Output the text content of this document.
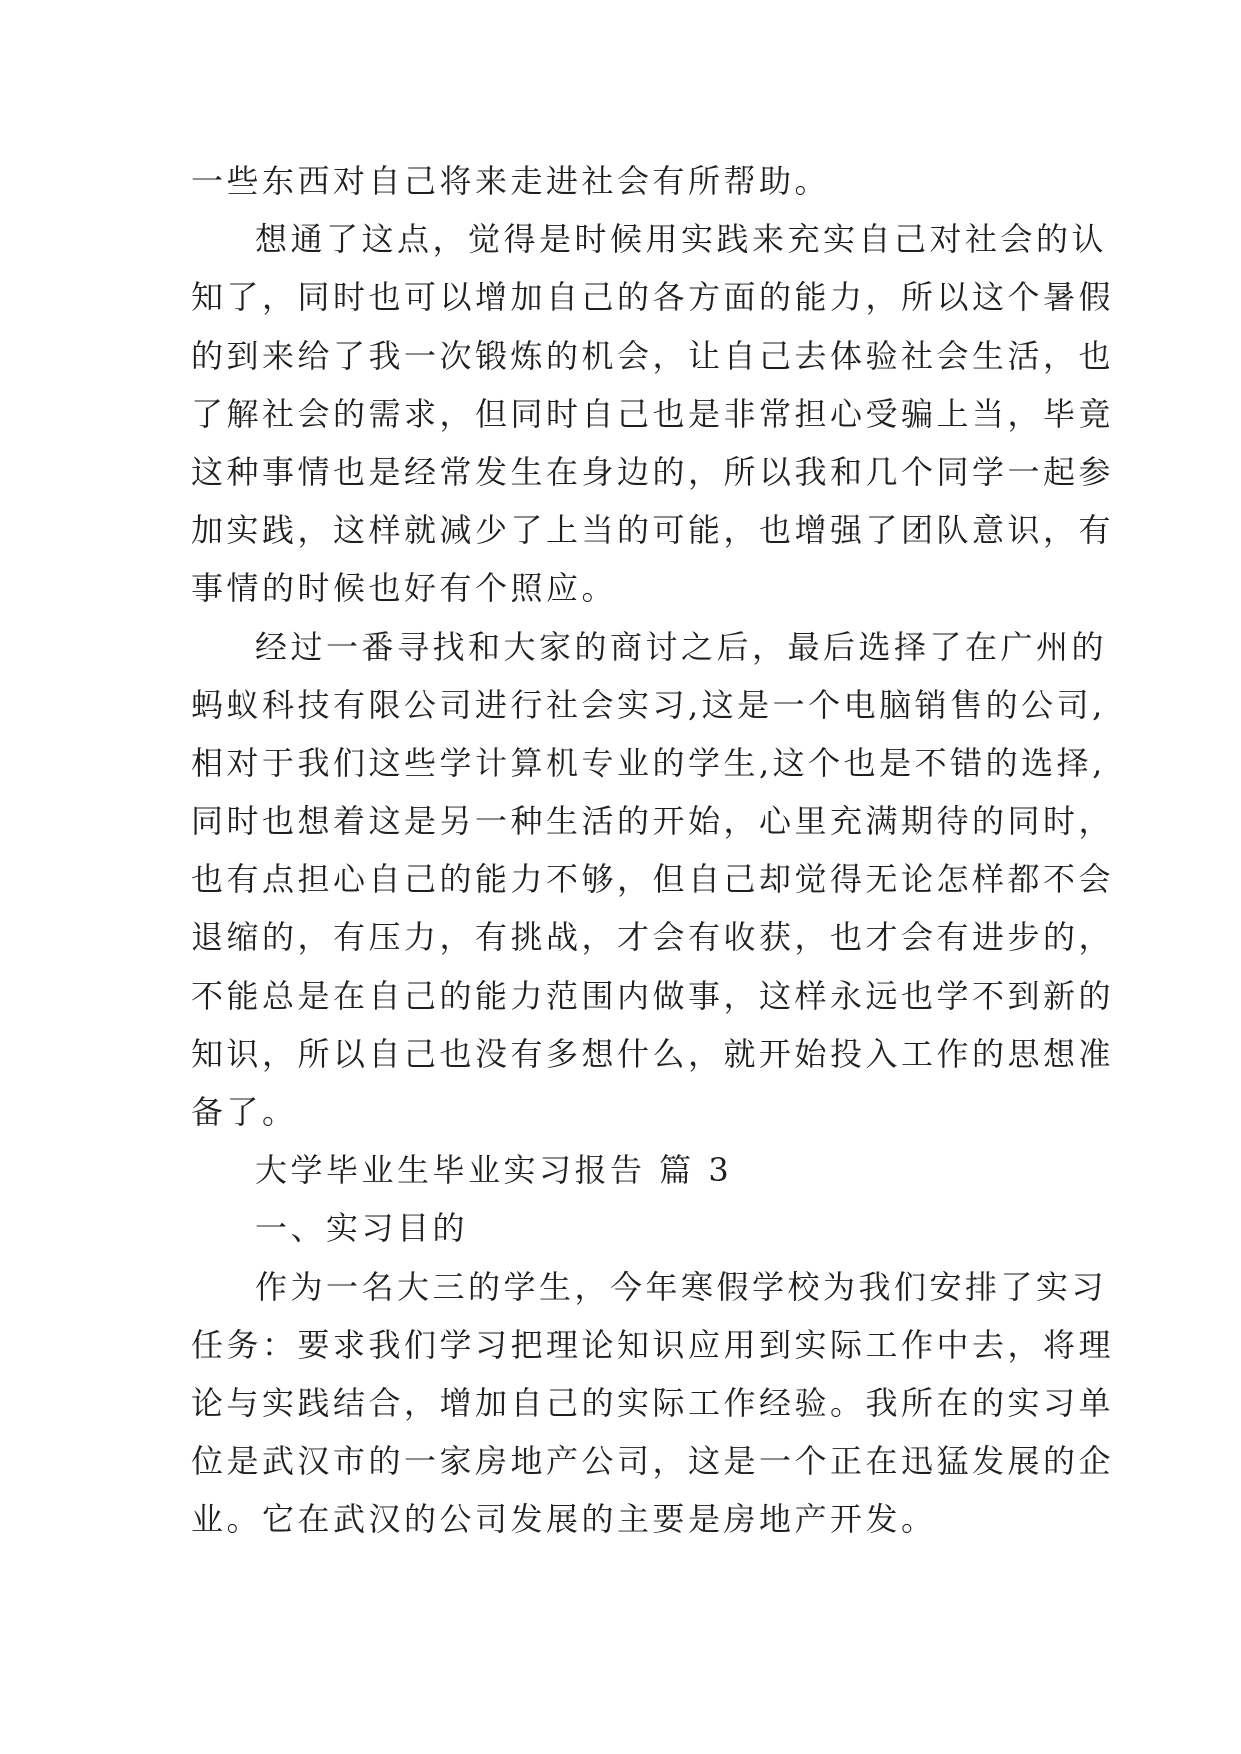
一些东西对自己将来走进社会有所帮助。
想通了这点，觉得是时候用实践来充实自己对社会的认
知了，同时也可以增加自己的各方面的能力，所以这个暑假
的到来给了我一次锻炼的机会，让自己去体验社会生活，也
了解社会的需求，但同时自己也是非常担心受骗上当，毕竟
这种事情也是经常发生在身边的，所以我和几个同学一起参
加实践，这样就减少了上当的可能，也增强了团队意识，有
事情的时候也好有个照应。
经过一番寻找和大家的商讨之后，最后选择了在广州的
蚂蚁科技有限公司进行社会实习,这是一个电脑销售的公司,
相对于我们这些学计算机专业的学生,这个也是不错的选择,
同时也想着这是另一种生活的开始，心里充满期待的同时，
也有点担心自己的能力不够，但自己却觉得无论怎样都不会
退缩的，有压力，有挑战，才会有收获，也才会有进步的，
不能总是在自己的能力范围内做事，这样永远也学不到新的
知识，所以自己也没有多想什么，就开始投入工作的思想准
备了。
大学毕业生毕业实习报告 篇 3
一、实习目的
作为一名大三的学生，今年寒假学校为我们安排了实习
任务：要求我们学习把理论知识应用到实际工作中去，将理
论与实践结合，增加自己的实际工作经验。我所在的实习单
位是武汉市的一家房地产公司，这是一个正在迅猛发展的企
业。它在武汉的公司发展的主要是房地产开发。
